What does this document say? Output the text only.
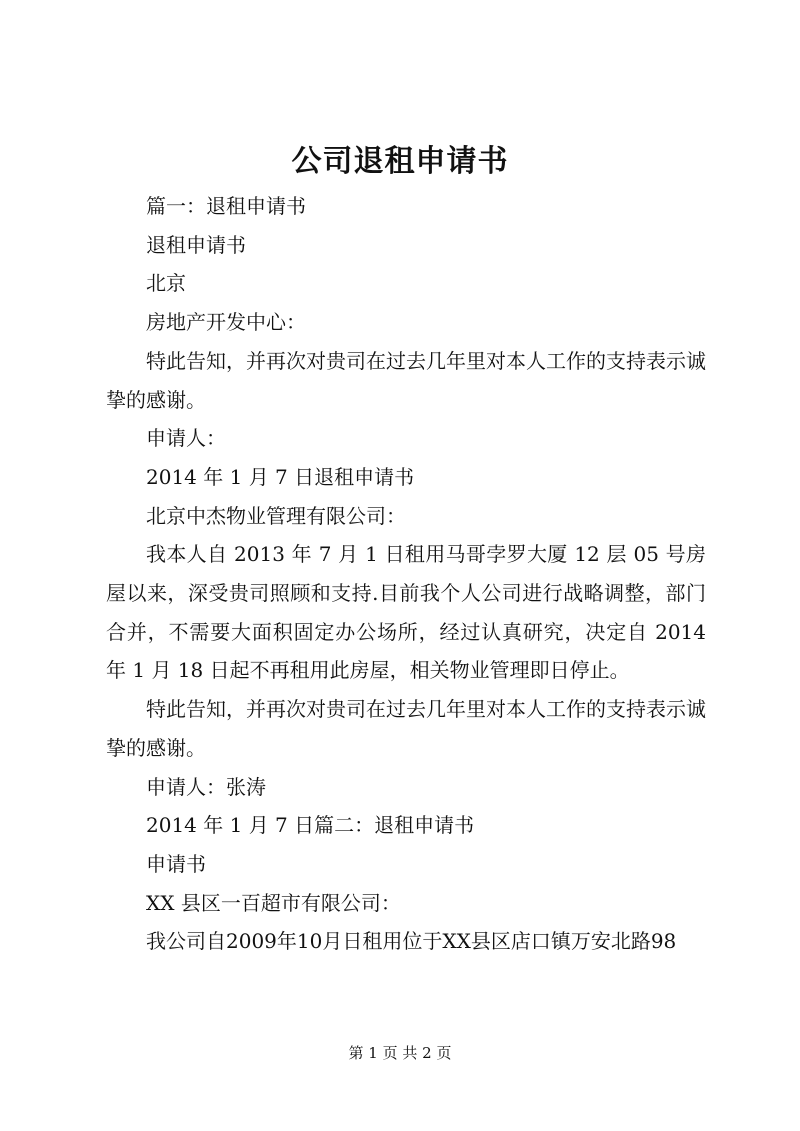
公司退租申请书

篇一：退租申请书

退租申请书

北京

房地产开发中心：

特此告知，并再次对贵司在过去几年里对本人工作的支持表示诚挚的感谢。

申请人：

2014 年 1 月 7 日退租申请书

北京中杰物业管理有限公司：

我本人自 2013 年 7 月 1 日租用马哥孛罗大厦 12 层 05 号房屋以来，深受贵司照顾和支持.目前我个人公司进行战略调整，部门合并，不需要大面积固定办公场所，经过认真研究，决定自 2014 年 1 月 18 日起不再租用此房屋，相关物业管理即日停止。

特此告知，并再次对贵司在过去几年里对本人工作的支持表示诚挚的感谢。

申请人：张涛

2014 年 1 月 7 日篇二：退租申请书

申请书

XX 县区一百超市有限公司：

我公司自2009年10月日租用位于XX县区店口镇万安北路98

第 1 页 共 2 页
